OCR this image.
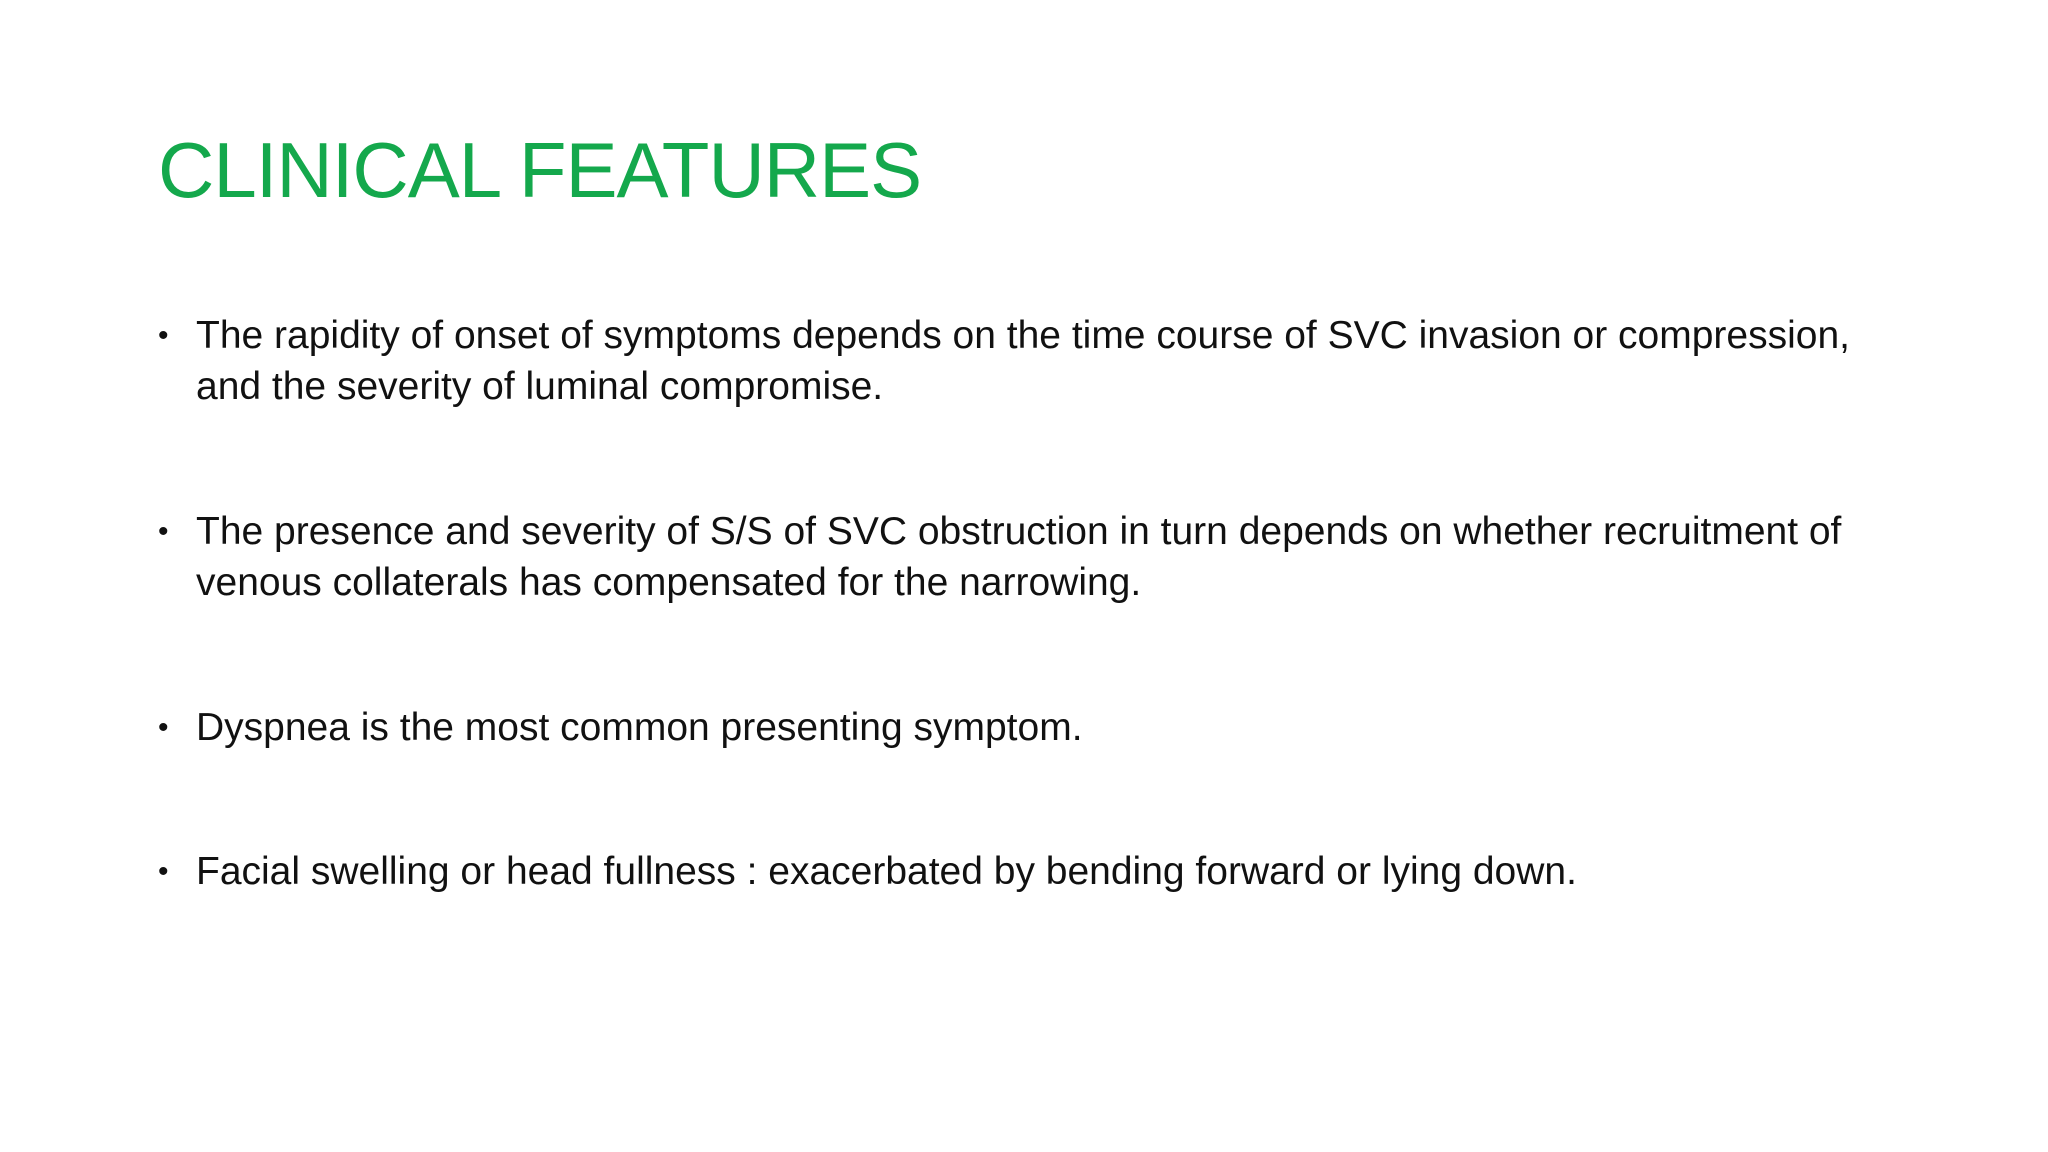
CLINICAL FEATURES
• The rapidity of onset of symptoms depends on the time course of SVC invasion or compression, and the severity of luminal compromise.
• The presence and severity of S/S of SVC obstruction in turn depends on whether recruitment of venous collaterals has compensated for the narrowing.
• Dyspnea is the most common presenting symptom.
• Facial swelling or head fullness : exacerbated by bending forward or lying down.
